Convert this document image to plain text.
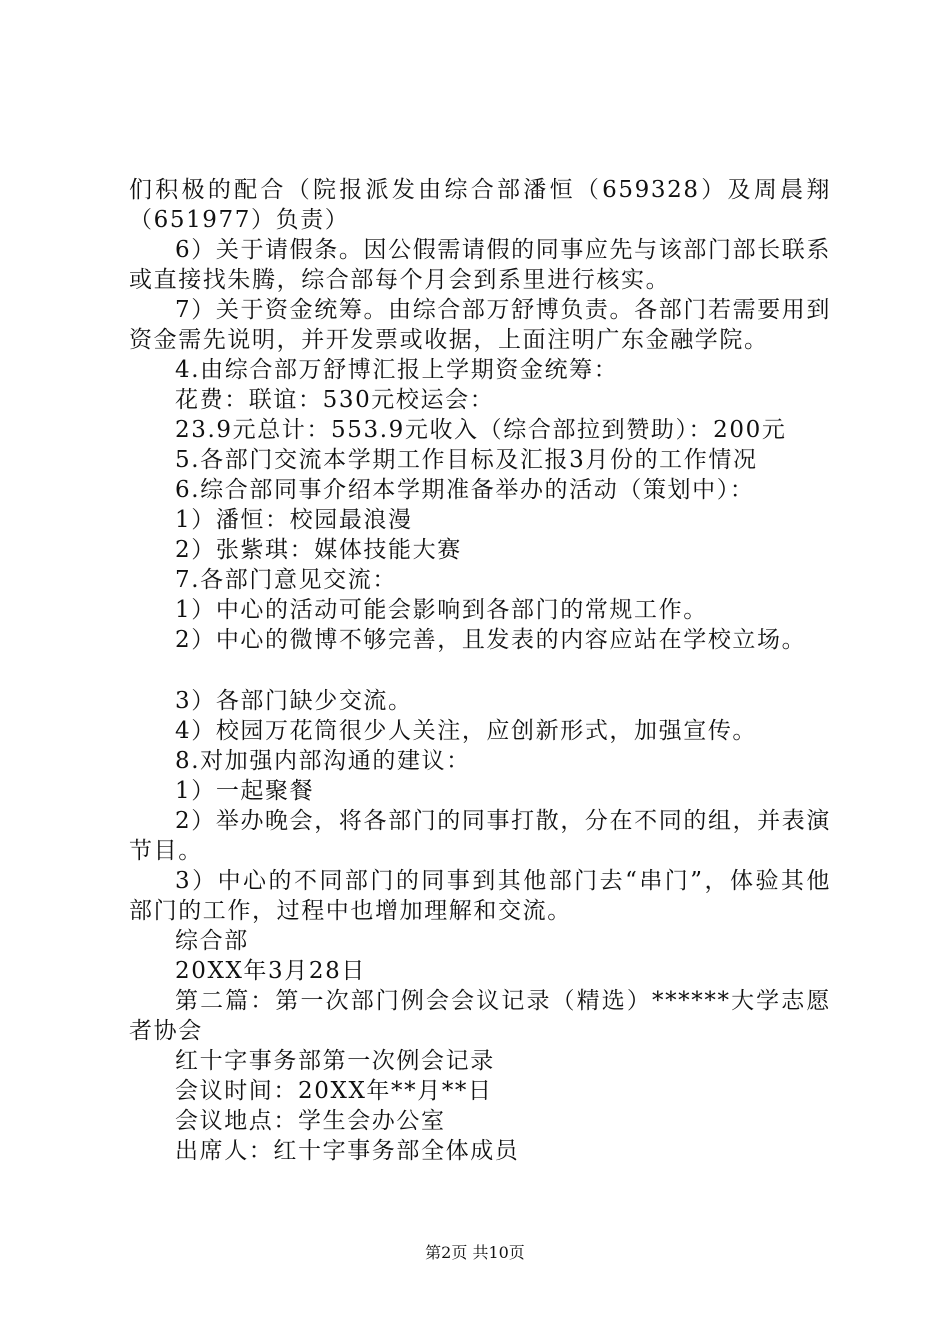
们积极的配合（院报派发由综合部潘恒（659328）及周晨翔（651977）负责）

6）关于请假条。因公假需请假的同事应先与该部门部长联系或直接找朱腾，综合部每个月会到系里进行核实。

7）关于资金统筹。由综合部万舒博负责。各部门若需要用到资金需先说明，并开发票或收据，上面注明广东金融学院。

4.由综合部万舒博汇报上学期资金统筹：

花费：联谊：530元校运会：

23.9元总计：553.9元收入（综合部拉到赞助）：200元

5.各部门交流本学期工作目标及汇报3月份的工作情况

6.综合部同事介绍本学期准备举办的活动（策划中）：

1）潘恒：校园最浪漫

2）张紫琪：媒体技能大赛

7.各部门意见交流：

1）中心的活动可能会影响到各部门的常规工作。

2）中心的微博不够完善，且发表的内容应站在学校立场。

3）各部门缺少交流。

4）校园万花筒很少人关注，应创新形式，加强宣传。

8.对加强内部沟通的建议：

1）一起聚餐

2）举办晚会，将各部门的同事打散，分在不同的组，并表演节目。

3）中心的不同部门的同事到其他部门去“串门”，体验其他部门的工作，过程中也增加理解和交流。

综合部

20XX年3月28日

第二篇：第一次部门例会会议记录（精选）******大学志愿者协会

红十字事务部第一次例会记录

会议时间：20XX年**月**日

会议地点：学生会办公室

出席人：红十字事务部全体成员

第2页 共10页
